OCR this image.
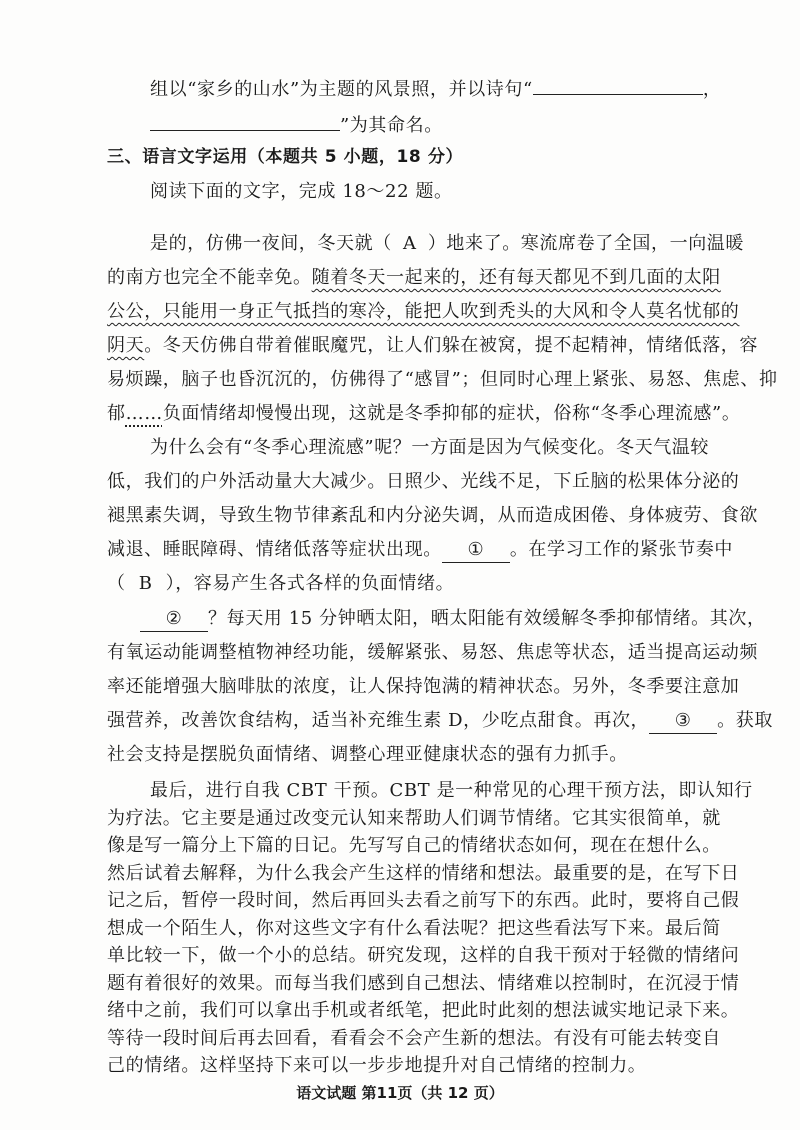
组以“家乡的山水”为主题的风景照，并以诗句“	，
”为其命名。
三、语言文字运用（本题共 5 小题，18 分）
阅读下面的文字，完成 18～22 题。
是的，仿佛一夜间，冬天就（ A ）地来了。寒流席卷了全国，一向温暖
的南方也完全不能幸免。随着冬天一起来的，还有每天都见不到几面的太阳
公公，只能用一身正气抵挡的寒冷，能把人吹到秃头的大风和令人莫名忧郁的
阴天。冬天仿佛自带着催眠魔咒，让人们躲在被窝，提不起精神，情绪低落，容
易烦躁，脑子也昏沉沉的，仿佛得了“感冒”；但同时心理上紧张、易怒、焦虑、抑
郁……负面情绪却慢慢出现，这就是冬季抑郁的症状，俗称“冬季心理流感”。
为什么会有“冬季心理流感”呢？一方面是因为气候变化。冬天气温较
低，我们的户外活动量大大减少。日照少、光线不足，下丘脑的松果体分泌的
褪黑素失调，导致生物节律紊乱和内分泌失调，从而造成困倦、身体疲劳、食欲
减退、睡眠障碍、情绪低落等症状出现。 ① 。在学习工作的紧张节奏中
（ B ），容易产生各式各样的负面情绪。
② ？每天用 15 分钟晒太阳，晒太阳能有效缓解冬季抑郁情绪。其次，
有氧运动能调整植物神经功能，缓解紧张、易怒、焦虑等状态，适当提高运动频
率还能增强大脑啡肽的浓度，让人保持饱满的精神状态。另外，冬季要注意加
强营养，改善饮食结构，适当补充维生素 D，少吃点甜食。再次， ③ 。获取
社会支持是摆脱负面情绪、调整心理亚健康状态的强有力抓手。
最后，进行自我 CBT 干预。CBT 是一种常见的心理干预方法，即认知行
为疗法。它主要是通过改变元认知来帮助人们调节情绪。它其实很简单，就
像是写一篇分上下篇的日记。先写写自己的情绪状态如何，现在在想什么。
然后试着去解释，为什么我会产生这样的情绪和想法。最重要的是，在写下日
记之后，暂停一段时间，然后再回头去看之前写下的东西。此时，要将自己假
想成一个陌生人，你对这些文字有什么看法呢？把这些看法写下来。最后简
单比较一下，做一个小的总结。研究发现，这样的自我干预对于轻微的情绪问
题有着很好的效果。而每当我们感到自己想法、情绪难以控制时，在沉浸于情
绪中之前，我们可以拿出手机或者纸笔，把此时此刻的想法诚实地记录下来。
等待一段时间后再去回看，看看会不会产生新的想法。有没有可能去转变自
己的情绪。这样坚持下来可以一步步地提升对自己情绪的控制力。
语文试题 第11页（共 12 页）
